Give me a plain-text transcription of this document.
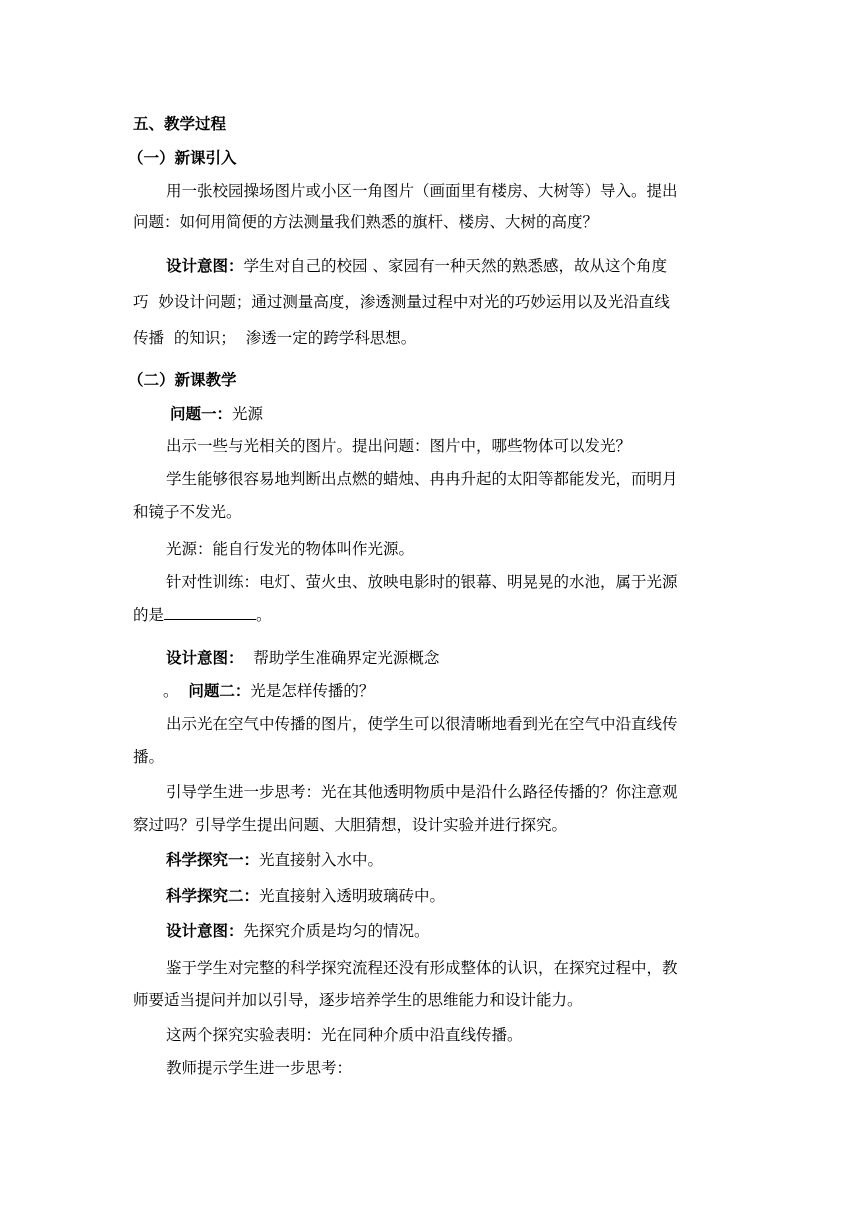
五、教学过程
（一）新课引入
用一张校园操场图片或小区一角图片（画面里有楼房、大树等）导入。提出
问题：如何用简便的方法测量我们熟悉的旗杆、楼房、大树的高度？
设计意图：学生对自己的校园 、家园有一种天然的熟悉感，故从这个角度
巧  妙设计问题；通过测量高度，渗透测量过程中对光的巧妙运用以及光沿直线
传播  的知识；  渗透一定的跨学科思想。
（二）新课教学
问题一：光源
出示一些与光相关的图片。提出问题：图片中，哪些物体可以发光？
学生能够很容易地判断出点燃的蜡烛、冉冉升起的太阳等都能发光，而明月
和镜子不发光。
光源：能自行发光的物体叫作光源。
针对性训练：电灯、萤火虫、放映电影时的银幕、明晃晃的水池，属于光源
的是	。
设计意图：  帮助学生准确界定光源概念
。  问题二：光是怎样传播的？
出示光在空气中传播的图片，使学生可以很清晰地看到光在空气中沿直线传
播。
引导学生进一步思考：光在其他透明物质中是沿什么路径传播的？你注意观
察过吗？引导学生提出问题、大胆猜想，设计实验并进行探究。
科学探究一：光直接射入水中。
科学探究二：光直接射入透明玻璃砖中。
设计意图：先探究介质是均匀的情况。
鉴于学生对完整的科学探究流程还没有形成整体的认识，在探究过程中，教
师要适当提问并加以引导，逐步培养学生的思维能力和设计能力。
这两个探究实验表明：光在同种介质中沿直线传播。
教师提示学生进一步思考：
